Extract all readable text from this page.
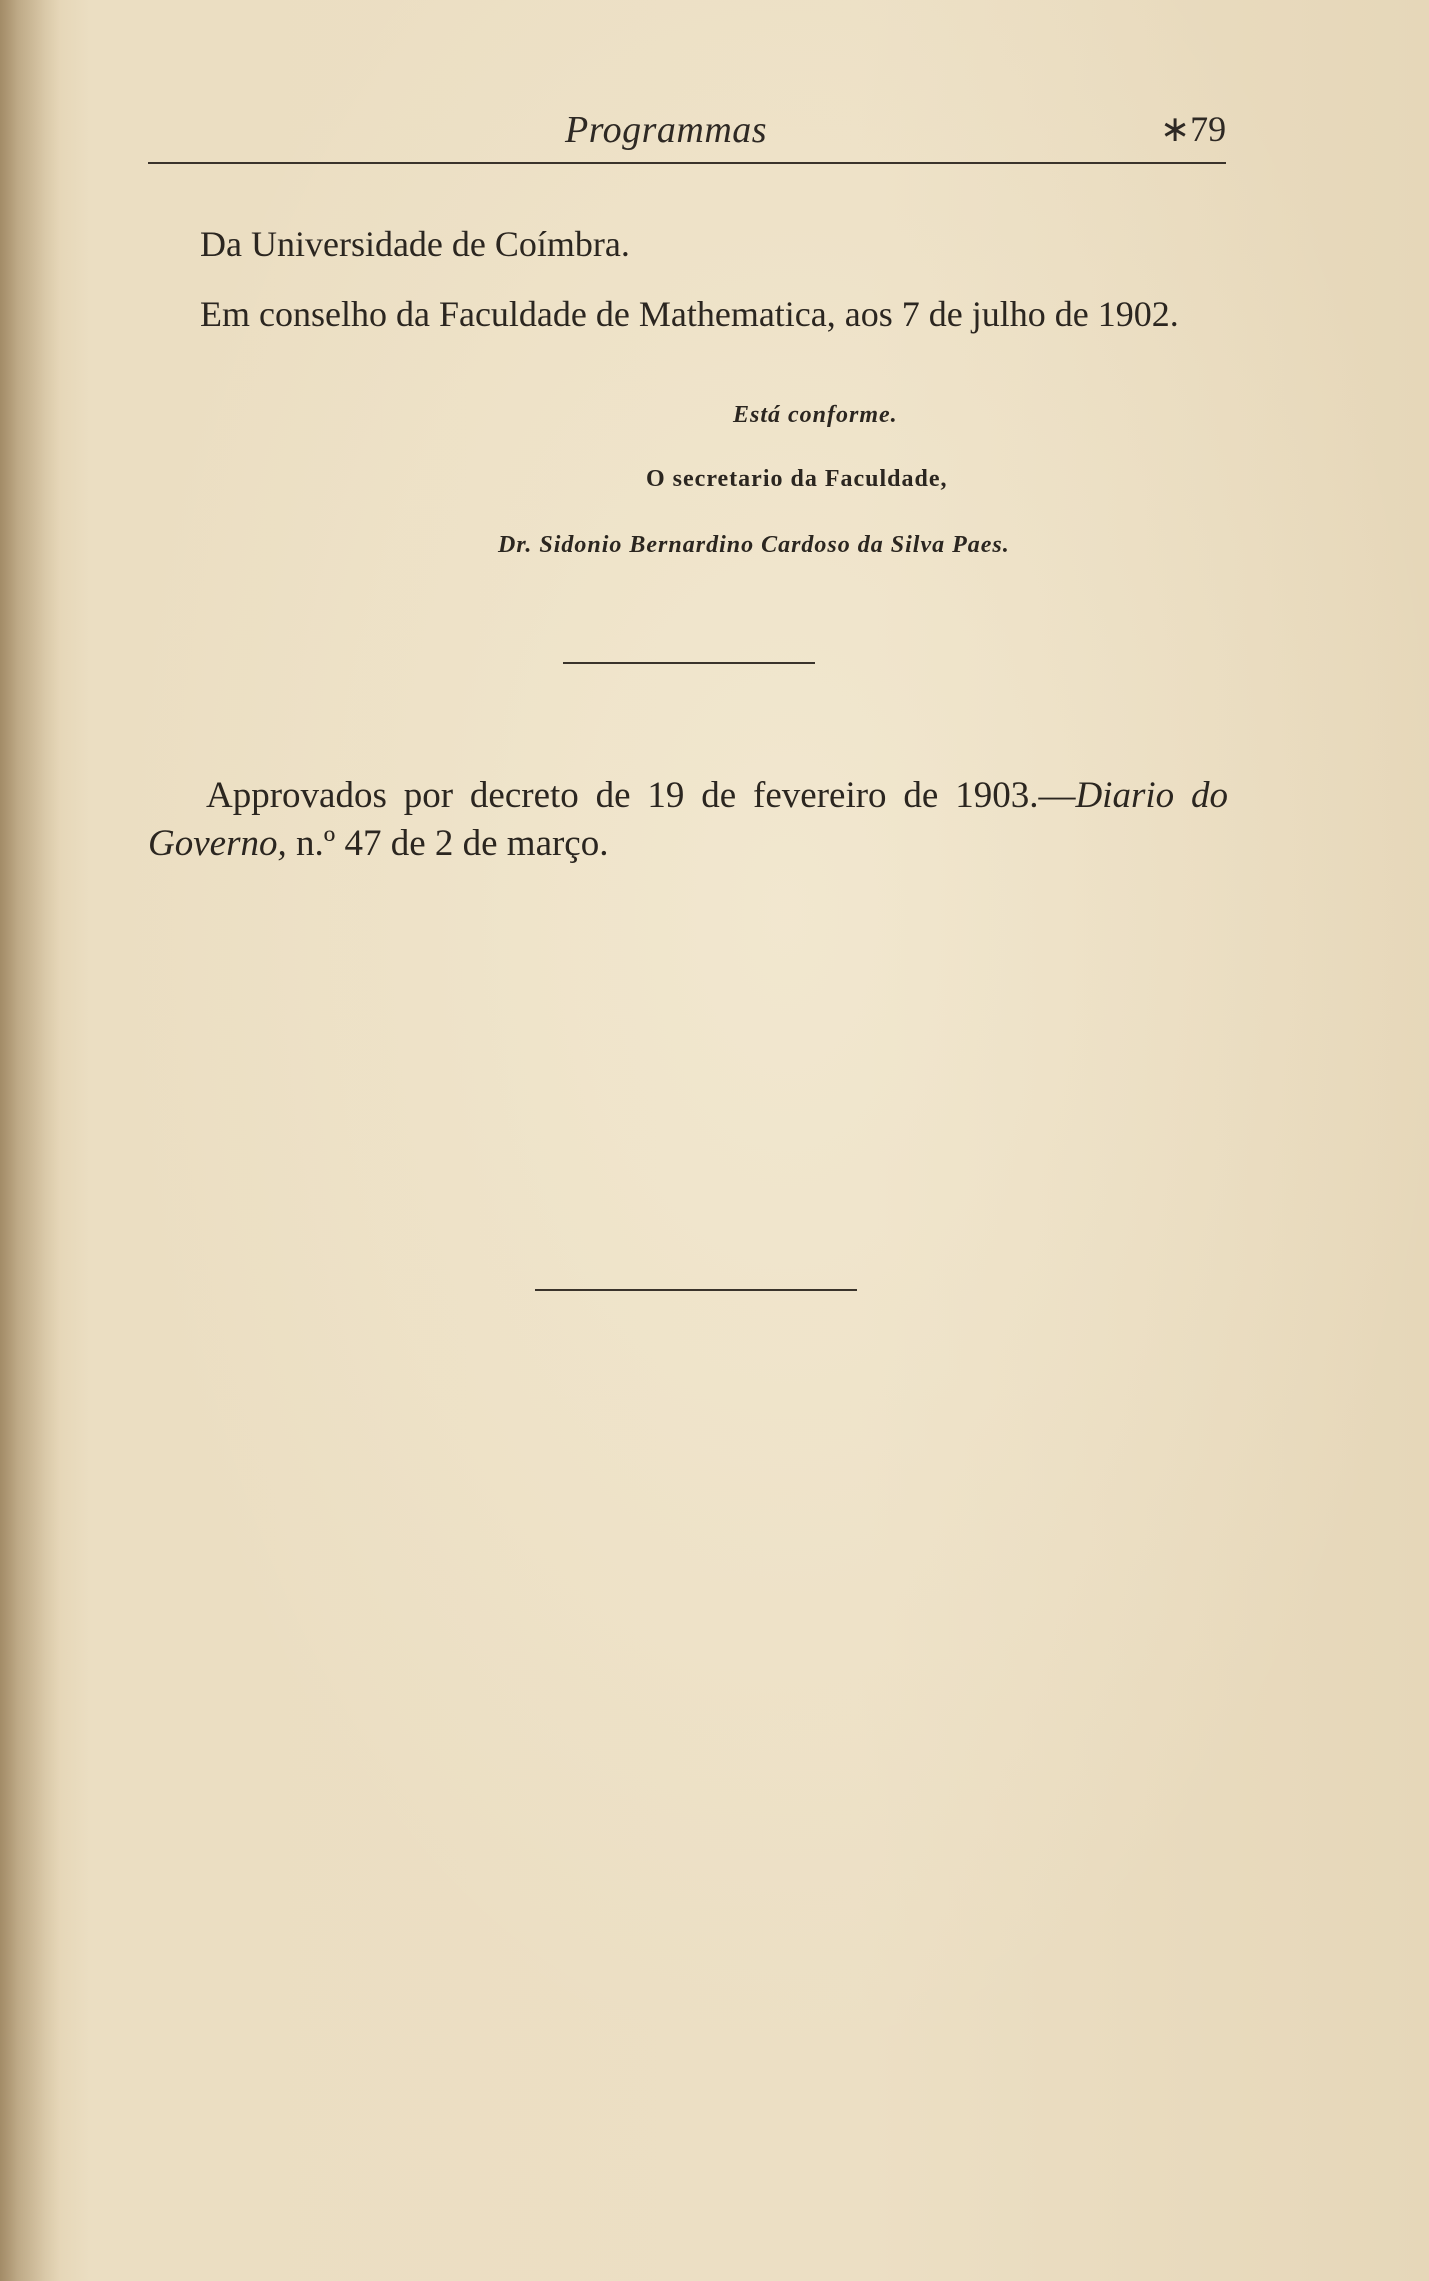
Programmas	∗79
Da Universidade de Coímbra.
Em conselho da Faculdade de Mathematica, aos 7 de julho de 1902.
Está conforme.
O secretario da Faculdade,
Dr. Sidonio Bernardino Cardoso da Silva Paes.
Approvados por decreto de 19 de fevereiro de 1903.—Diario do Governo, n.º 47 de 2 de março.
